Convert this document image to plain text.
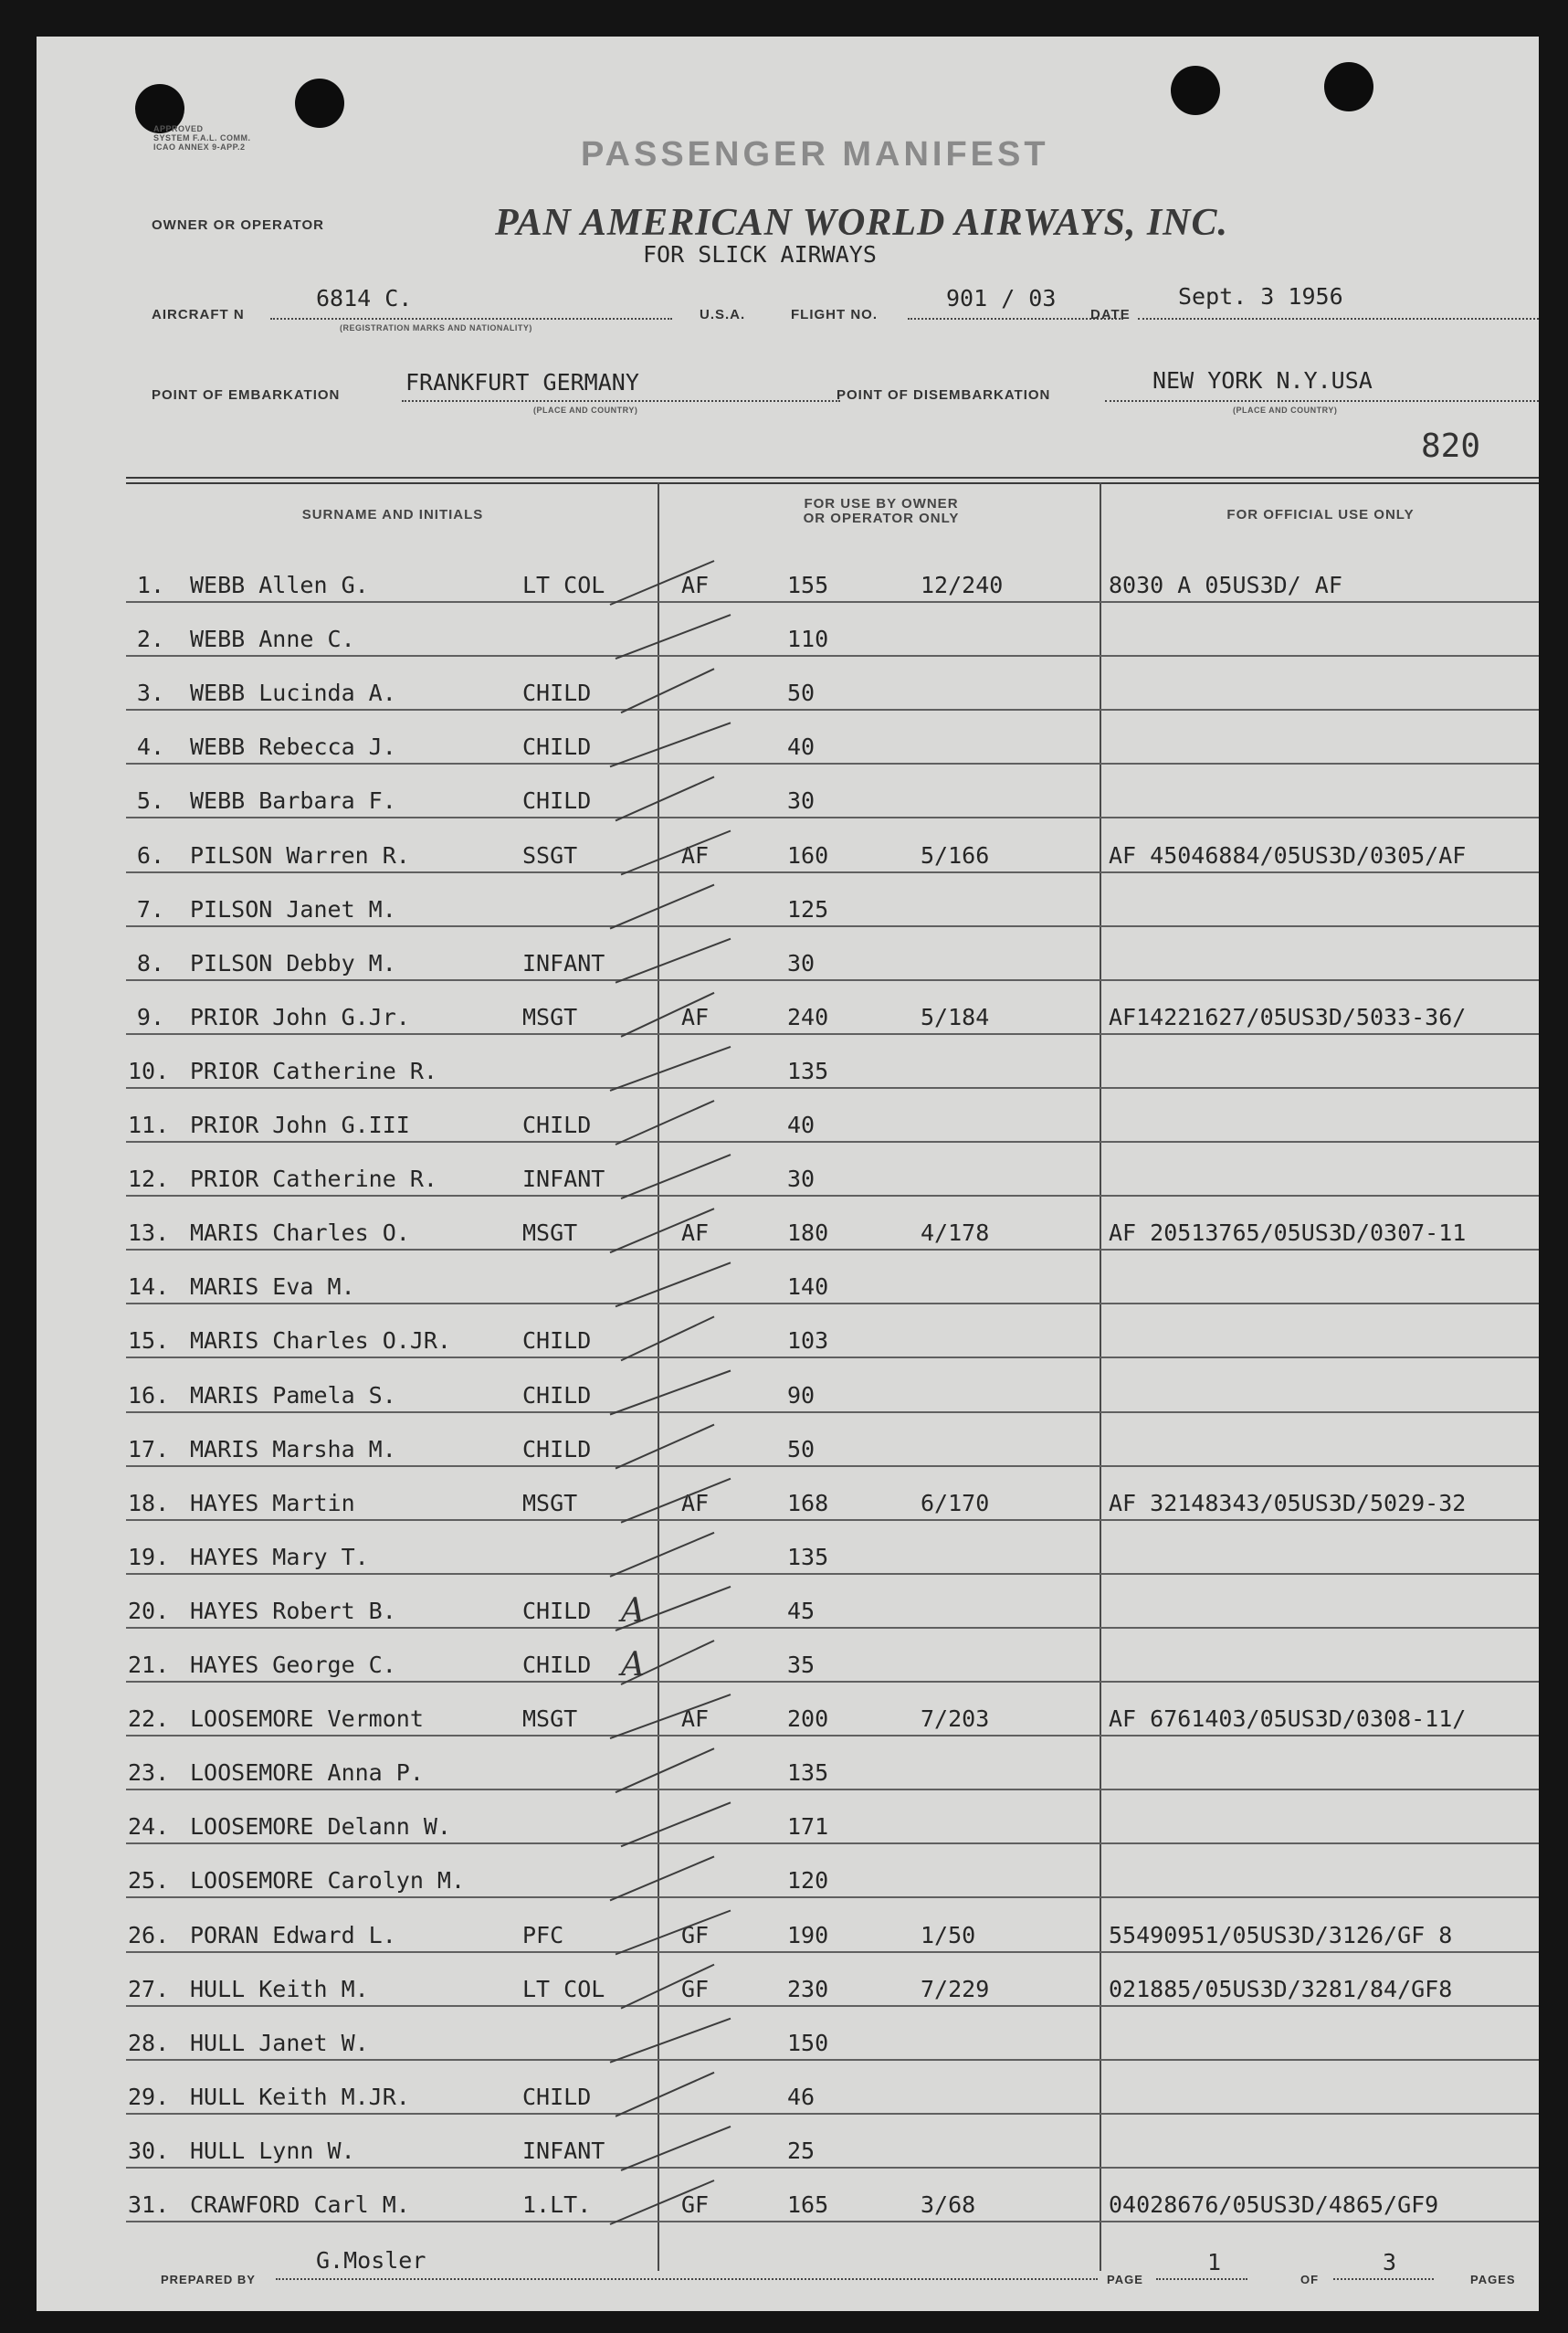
APPROVED
SYSTEM F.A.L. COMM.
ICAO ANNEX 9-APP.2	PASSENGER MANIFEST
OWNER OR OPERATOR	PAN AMERICAN WORLD AIRWAYS, INC.
FOR SLICK AIRWAYS
AIRCRAFT N
6814 C.
(REGISTRATION MARKS AND NATIONALITY)
U.S.A.	FLIGHT NO.
901 / 03
DATE
Sept. 3 1956
POINT OF EMBARKATION	FRANKFURT GERMANY
(PLACE AND COUNTRY)
POINT OF DISEMBARKATION
NEW YORK N.Y.USA
(PLACE AND COUNTRY)
820
SURNAME AND INITIALS
FOR USE BY OWNER
OR OPERATOR ONLY	FOR OFFICIAL USE ONLY
1. WEBB Allen G.	LT COL	AF	155	12/240	8030 A 05US3D/ AF
2. WEBB Anne C.	110
3. WEBB Lucinda A.	CHILD	50
4. WEBB Rebecca J.	CHILD	40
5. WEBB Barbara F.	CHILD	30
6. PILSON Warren R.	SSGT	AF	160	5/166	AF 45046884/05US3D/0305/AF
7. PILSON Janet M.	125
8. PILSON Debby M.	INFANT	30
9. PRIOR John G.Jr.	MSGT	AF	240	5/184	AF14221627/05US3D/5033-36/
10. PRIOR Catherine R.	135
11. PRIOR John G.III	CHILD	40
12. PRIOR Catherine R.	INFANT	30
13. MARIS Charles O.	MSGT	AF	180	4/178	AF 20513765/05US3D/0307-11
14. MARIS Eva M.	140
15. MARIS Charles O.JR.	CHILD	103
16. MARIS Pamela S.	CHILD	90
17. MARIS Marsha M.	CHILD	50
18. HAYES Martin	MSGT	AF	168	6/170	AF 32148343/05US3D/5029-32
19. HAYES Mary T.	135
20. HAYES Robert B.	CHILD	45
21. HAYES George C.	CHILD	35
22. LOOSEMORE Vermont	MSGT	AF	200	7/203	AF 6761403/05US3D/0308-11/
23. LOOSEMORE Anna P.	135
24. LOOSEMORE Delann W.	171
25. LOOSEMORE Carolyn M.	120
26. PORAN Edward L.	PFC	GF	190	1/50	55490951/05US3D/3126/GF 8
27. HULL Keith M.	LT COL	GF	230	7/229	021885/05US3D/3281/84/GF8
28. HULL Janet W.	150
29. HULL Keith M.JR.	CHILD	46
30. HULL Lynn W.	INFANT	25
31. CRAWFORD Carl M.	1.LT.	GF	165	3/68	04028676/05US3D/4865/GF9
A
A
PREPARED BY
G.Mosler
PAGE
1
OF
3
PAGES
